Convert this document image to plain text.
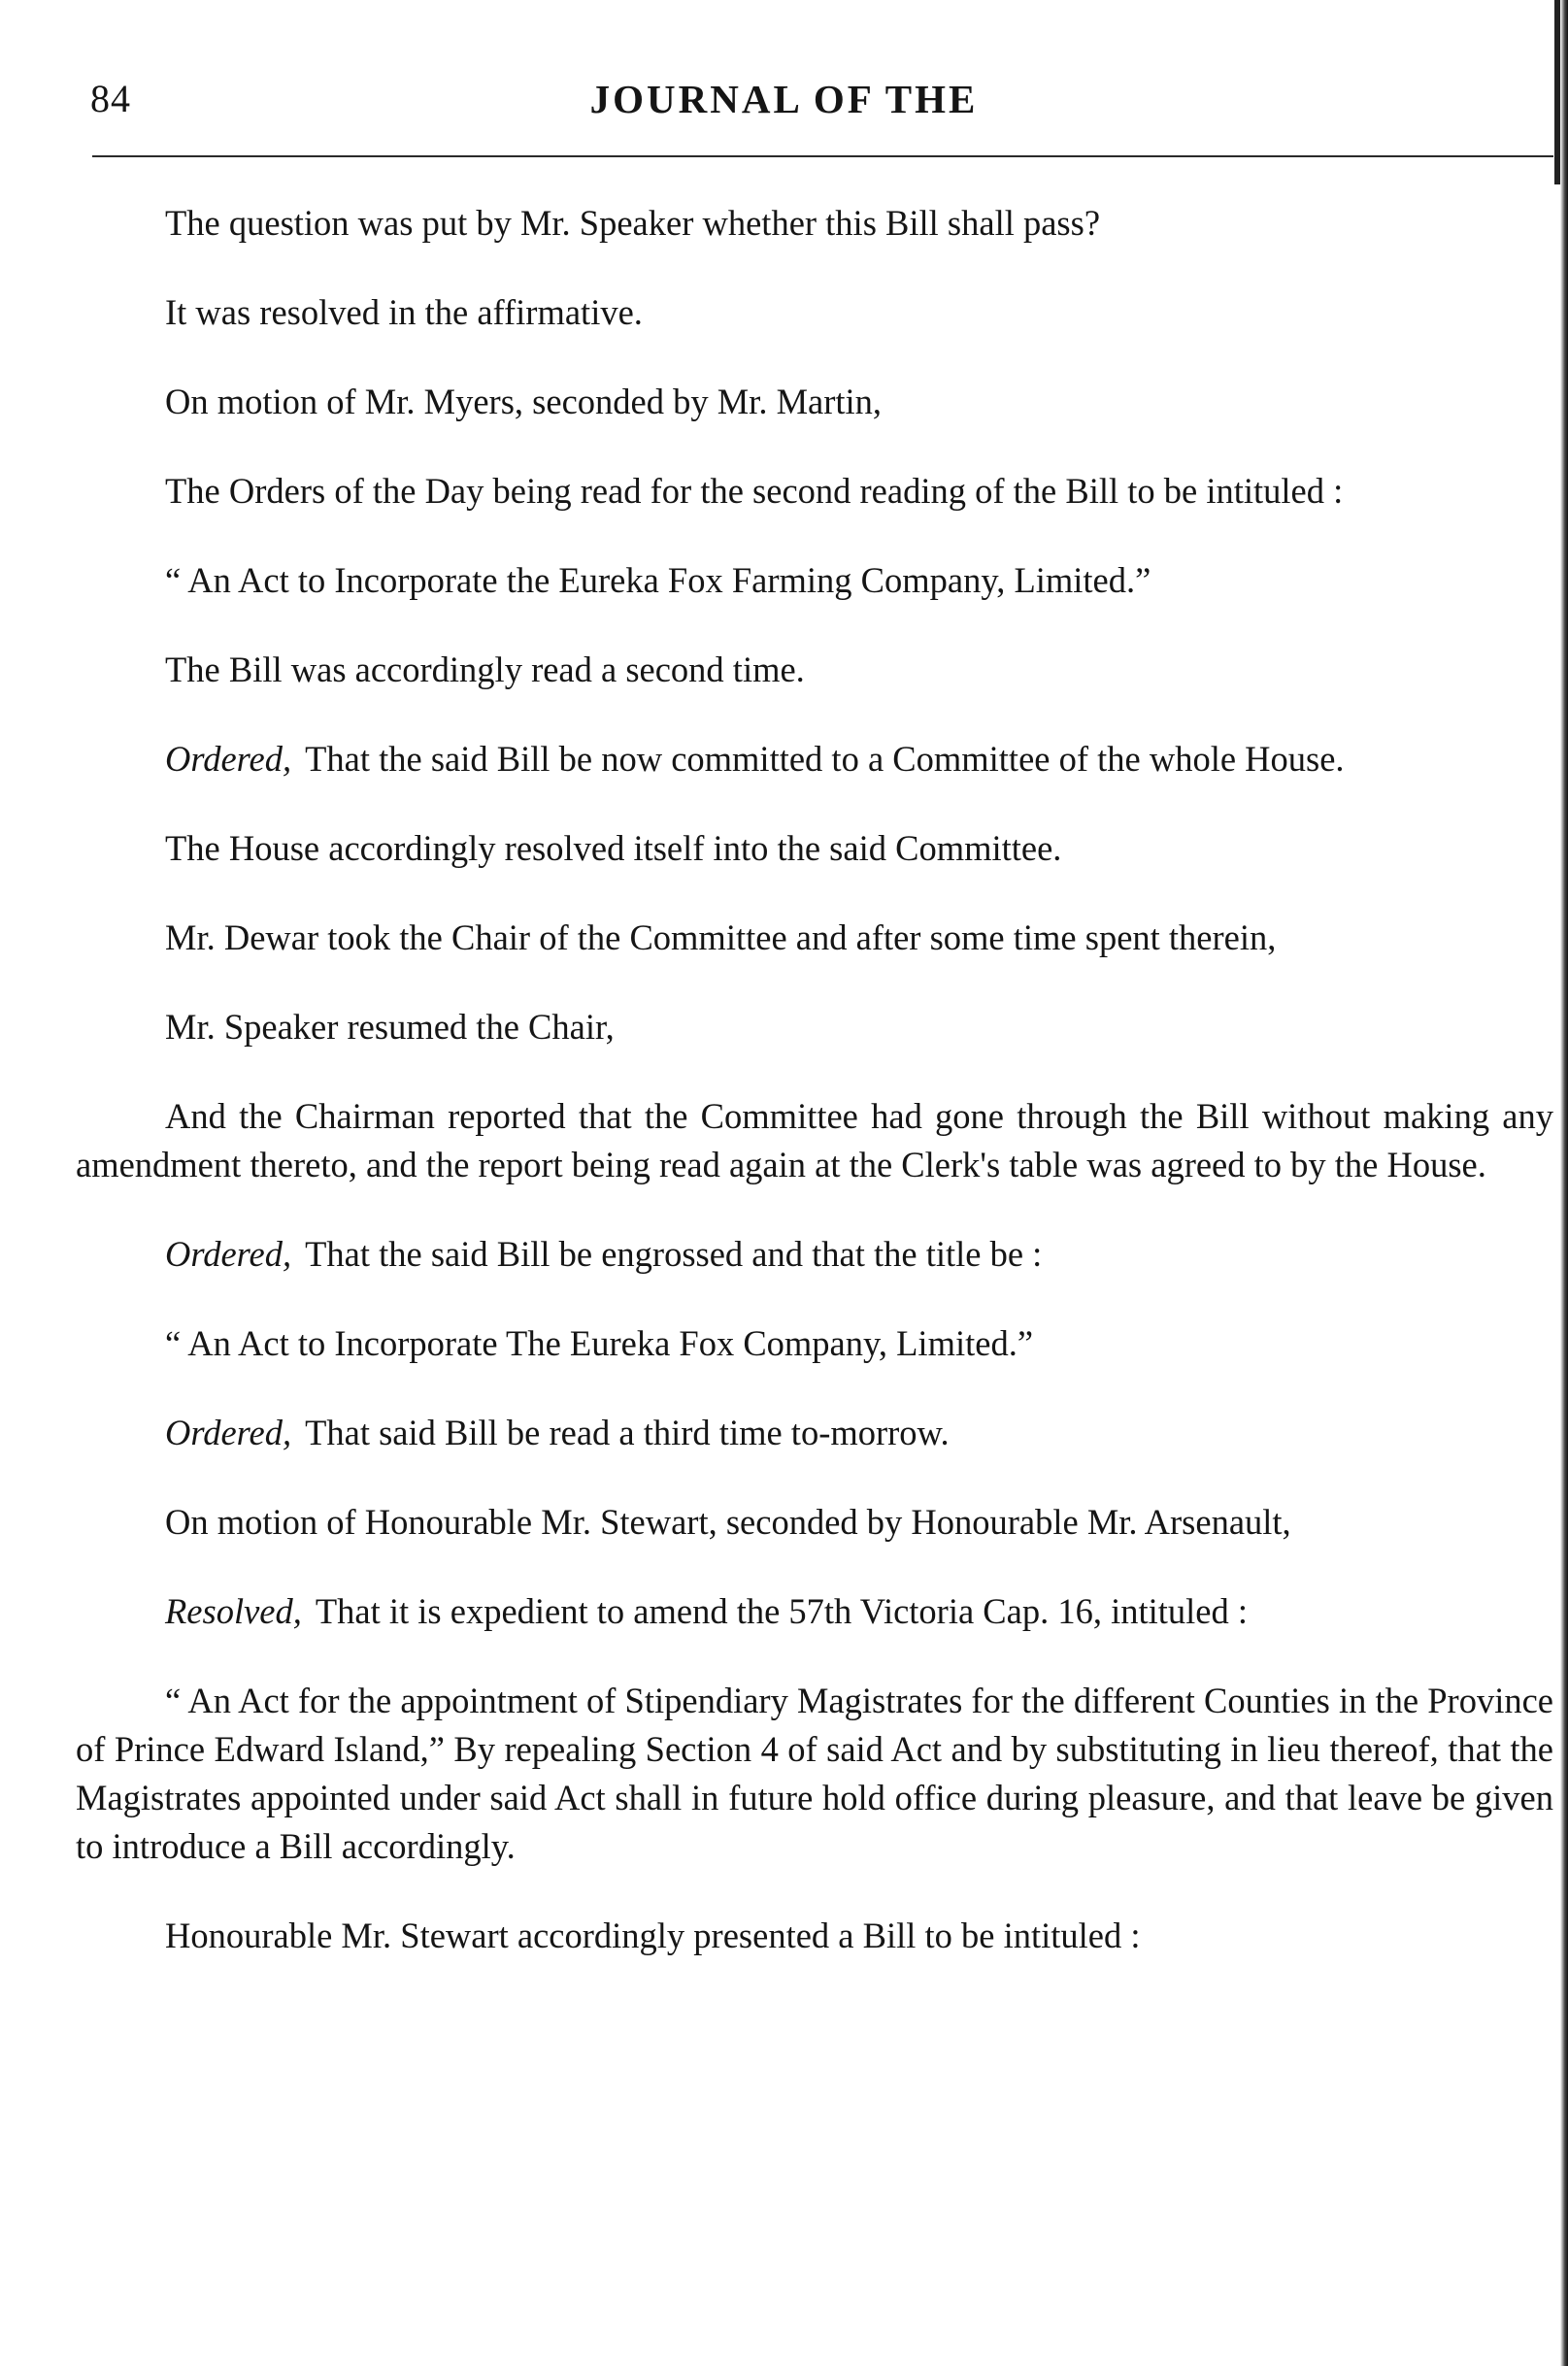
84	JOURNAL OF THE

The question was put by Mr. Speaker whether this Bill shall pass?

It was resolved in the affirmative.

On motion of Mr. Myers, seconded by Mr. Martin,

The Orders of the Day being read for the second reading of the Bill to be intituled :

“ An Act to Incorporate the Eureka Fox Farming Company, Limited.”

The Bill was accordingly read a second time.

Ordered, That the said Bill be now committed to a Committee of the whole House.

The House accordingly resolved itself into the said Committee.

Mr. Dewar took the Chair of the Committee and after some time spent therein,

Mr. Speaker resumed the Chair,

And the Chairman reported that the Committee had gone through the Bill without making any amendment thereto, and the report being read again at the Clerk's table was agreed to by the House.

Ordered, That the said Bill be engrossed and that the title be :

“ An Act to Incorporate The Eureka Fox Company, Limited.”

Ordered, That said Bill be read a third time to-morrow.

On motion of Honourable Mr. Stewart, seconded by Honourable Mr. Arsenault,

Resolved, That it is expedient to amend the 57th Victoria Cap. 16, intituled :

“ An Act for the appointment of Stipendiary Magistrates for the different Counties in the Province of Prince Edward Island,” By repealing Section 4 of said Act and by substituting in lieu thereof, that the Magistrates appointed under said Act shall in future hold office during pleasure, and that leave be given to introduce a Bill accordingly.

Honourable Mr. Stewart accordingly presented a Bill to be intituled :
